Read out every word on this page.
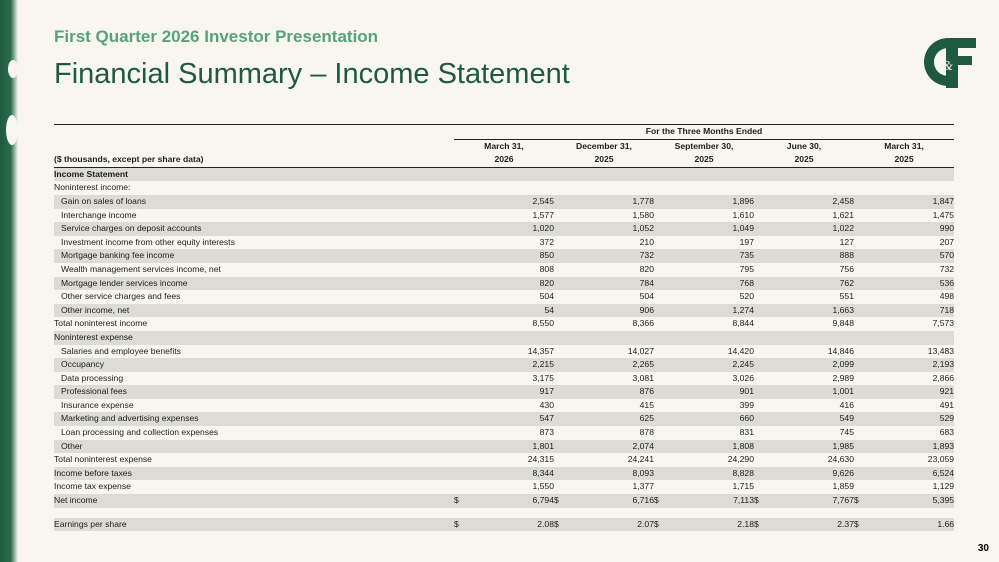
First Quarter 2026 Investor Presentation
Financial Summary – Income Statement	&
	For the Three Months Ended									
	March 31,		December 31,		September 30,		June 30,		March 31,	
($ thousands, except per share data)	2026		2025		2025		2025		2025	
Income Statement										
Noninterest income:										
Gain on sales of loans		2,545		1,778		1,896		2,458		1,847
Interchange income		1,577		1,580		1,610		1,621		1,475
Service charges on deposit accounts		1,020		1,052		1,049		1,022		990
Investment income from other equity interests		372		210		197		127		207
Mortgage banking fee income		850		732		735		888		570
Wealth management services income, net		808		820		795		756		732
Mortgage lender services income		820		784		768		762		536
Other service charges and fees		504		504		520		551		498
Other income, net		54		906		1,274		1,663		718
Total noninterest income		8,550		8,366		8,844		9,848		7,573
Noninterest expense										
Salaries and employee benefits		14,357		14,027		14,420		14,846		13,483
Occupancy		2,215		2,265		2,245		2,099		2,193
Data processing		3,175		3,081		3,026		2,989		2,866
Professional fees		917		876		901		1,001		921
Insurance expense		430		415		399		416		491
Marketing and advertising expenses		547		625		660		549		529
Loan processing and collection expenses		873		878		831		745		683
Other		1,801		2,074		1,808		1,985		1,893
Total noninterest expense		24,315		24,241		24,290		24,630		23,059
Income before taxes		8,344		8,093		8,828		9,626		6,524
Income tax expense		1,550		1,377		1,715		1,859		1,129
Net income	$	6,794	$	6,716	$	7,113	$	7,767	$	5,395

Earnings per share	$	2.08	$	2.07	$	2.18	$	2.37	$	1.66
30
